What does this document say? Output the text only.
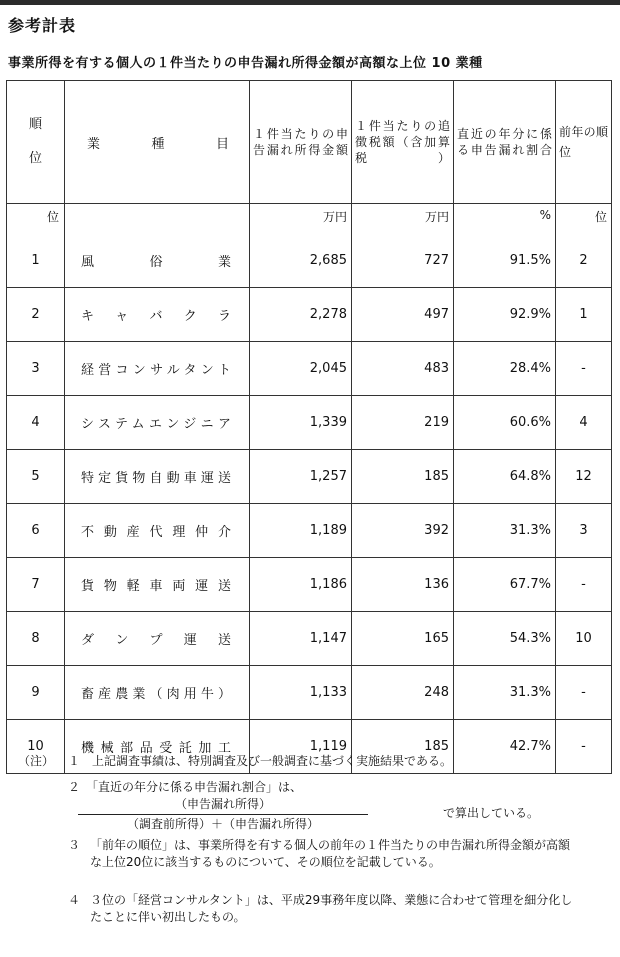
参考計表
事業所得を有する個人の１件当たりの申告漏れ所得金額が高額な上位 10 業種
順
位	業種目	１件当たりの申告漏れ所得金額	１件当たりの追徴税額（含加算税）	直近の年分に係る申告漏れ割合	前年の順位
位		万円	万円	%	位
1	風俗業	2,685	727	91.5%	2
2	キャバクラ	2,278	497	92.9%	1
3	経営コンサルタント	2,045	483	28.4%	-
4	システムエンジニア	1,339	219	60.6%	4
5	特定貨物自動車運送	1,257	185	64.8%	12
6	不動産代理仲介	1,189	392	31.3%	3
7	貨物軽車両運送	1,186	136	67.7%	-
8	ダンプ運送	1,147	165	54.3%	10
9	畜産農業（肉用牛）	1,133	248	31.3%	-
10	機械部品受託加工	1,119	185	42.7%	-
（注） １　上記調査事績は、特別調査及び一般調査に基づく実施結果である。
２　「直近の年分に係る申告漏れ割合」は、
（申告漏れ所得）
（調査前所得）＋（申告漏れ所得）
で算出している。
３ 「前年の順位」は、事業所得を有する個人の前年の１件当たりの申告漏れ所得金額が高額な上位20位に該当するものについて、その順位を記載している。
４ ３位の「経営コンサルタント」は、平成29事務年度以降、業態に合わせて管理を細分化したことに伴い初出したもの。
